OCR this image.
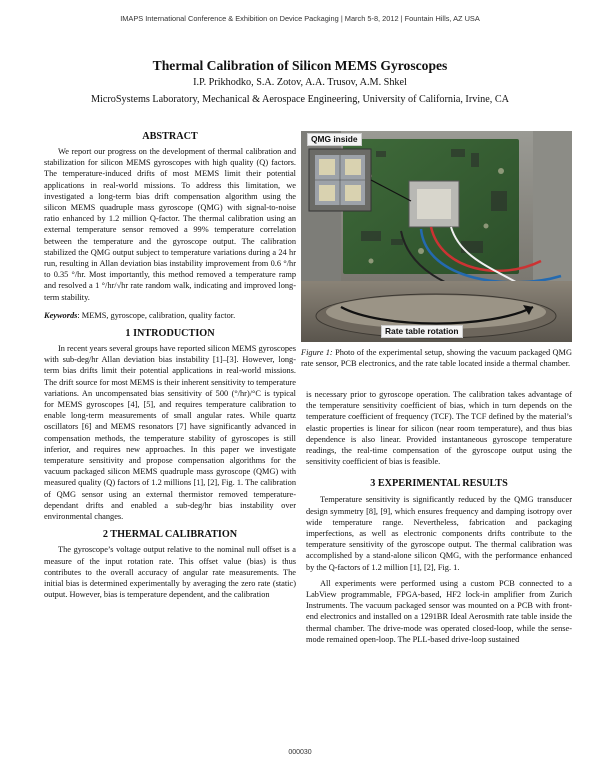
IMAPS International Conference & Exhibition on Device Packaging | March 5-8, 2012 | Fountain Hills, AZ USA
Thermal Calibration of Silicon MEMS Gyroscopes
I.P. Prikhodko, S.A. Zotov, A.A. Trusov, A.M. Shkel
MicroSystems Laboratory, Mechanical & Aerospace Engineering, University of California, Irvine, CA
ABSTRACT

We report our progress on the development of thermal calibration and stabilization for silicon MEMS gyroscopes with high quality (Q) factors. The temperature-induced drifts of most MEMS limit their potential applications in real-world missions. To address this limitation, we investigated a long-term bias drift compensation algorithm using the silicon MEMS quadruple mass gyroscope (QMG) with signal-to-noise ratio enhanced by 1.2 million Q-factor. The thermal calibration using an external temperature sensor removed a 99% temperature correlation between the temperature and the gyroscope output. The calibration stabilized the QMG output subject to temperature variations during a 24 hr run, resulting in Allan deviation bias instability improvement from 0.6 °/hr to 0.35 °/hr. Most importantly, this method removed a temperature ramp and resolved a 1 °/hr/√hr rate random walk, indicating and improved long-term stability.

Keywords: MEMS, gyroscope, calibration, quality factor.

1 INTRODUCTION

In recent years several groups have reported silicon MEMS gyroscopes with sub-deg/hr Allan deviation bias instability [1]–[3]. However, long-term bias drifts limit their potential applications in real-world missions. The drift source for most MEMS is their inherent sensitivity to temperature variations. An uncompensated bias sensitivity of 500 (°/hr)/°C is typical for MEMS gyroscopes [4], [5], and requires temperature calibration to enable long-term measurements of small angular rates. While quartz oscillators [6] and MEMS resonators [7] have significantly advanced in compensation methods, the temperature stability of gyroscopes is still inferior, and requires new approaches. In this paper we investigate temperature sensitivity and propose compensation algorithms for the vacuum packaged silicon MEMS quadruple mass gyroscope (QMG) with measured quality (Q) factors of 1.2 millions [1], [2], Fig. 1. The calibration of QMG sensor using an external thermistor removed temperature-dependant drifts and enabled a sub-deg/hr bias instability over environmental changes.

2 THERMAL CALIBRATION

The gyroscope’s voltage output relative to the nominal null offset is a measure of the input rotation rate. This offset value (bias) is thus contributes to the overall accuracy of angular rate measurements. The initial bias is determined experimentally by averaging the zero rate (static) output. However, bias is temperature dependent, and the calibration

QMG inside
Rate table rotation
Figure 1: Photo of the experimental setup, showing the vacuum packaged QMG rate sensor, PCB electronics, and the rate table located inside a thermal chamber.

is necessary prior to gyroscope operation. The calibration takes advantage of the temperature sensitivity coefficient of bias, which in turn depends on the temperature coefficient of frequency (TCF). The TCF defined by the material’s elastic properties is linear for silicon (near room temperature), and thus bias dependence is also linear. Provided instantaneous gyroscope temperature readings, the real-time compensation of the gyroscope output using the sensitivity coefficient of bias is feasible.

3 EXPERIMENTAL RESULTS

Temperature sensitivity is significantly reduced by the QMG transducer design symmetry [8], [9], which ensures frequency and damping isotropy over wide temperature range. Nevertheless, fabrication and packaging imperfections, as well as electronic components drifts contribute to the temperature sensitivity of the gyroscope output. The thermal calibration was accomplished by a stand-alone silicon QMG, with the performance enhanced by the Q-factors of 1.2 million [1], [2], Fig. 1.

All experiments were performed using a custom PCB connected to a LabView programmable, FPGA-based, HF2 lock-in amplifier from Zurich Instruments. The vacuum packaged sensor was mounted on a PCB with front-end electronics and installed on a 1291BR Ideal Aerosmith rate table inside the thermal chamber. The drive-mode was operated closed-loop, while the sense-mode remained open-loop. The PLL-based drive-loop sustained

000030
